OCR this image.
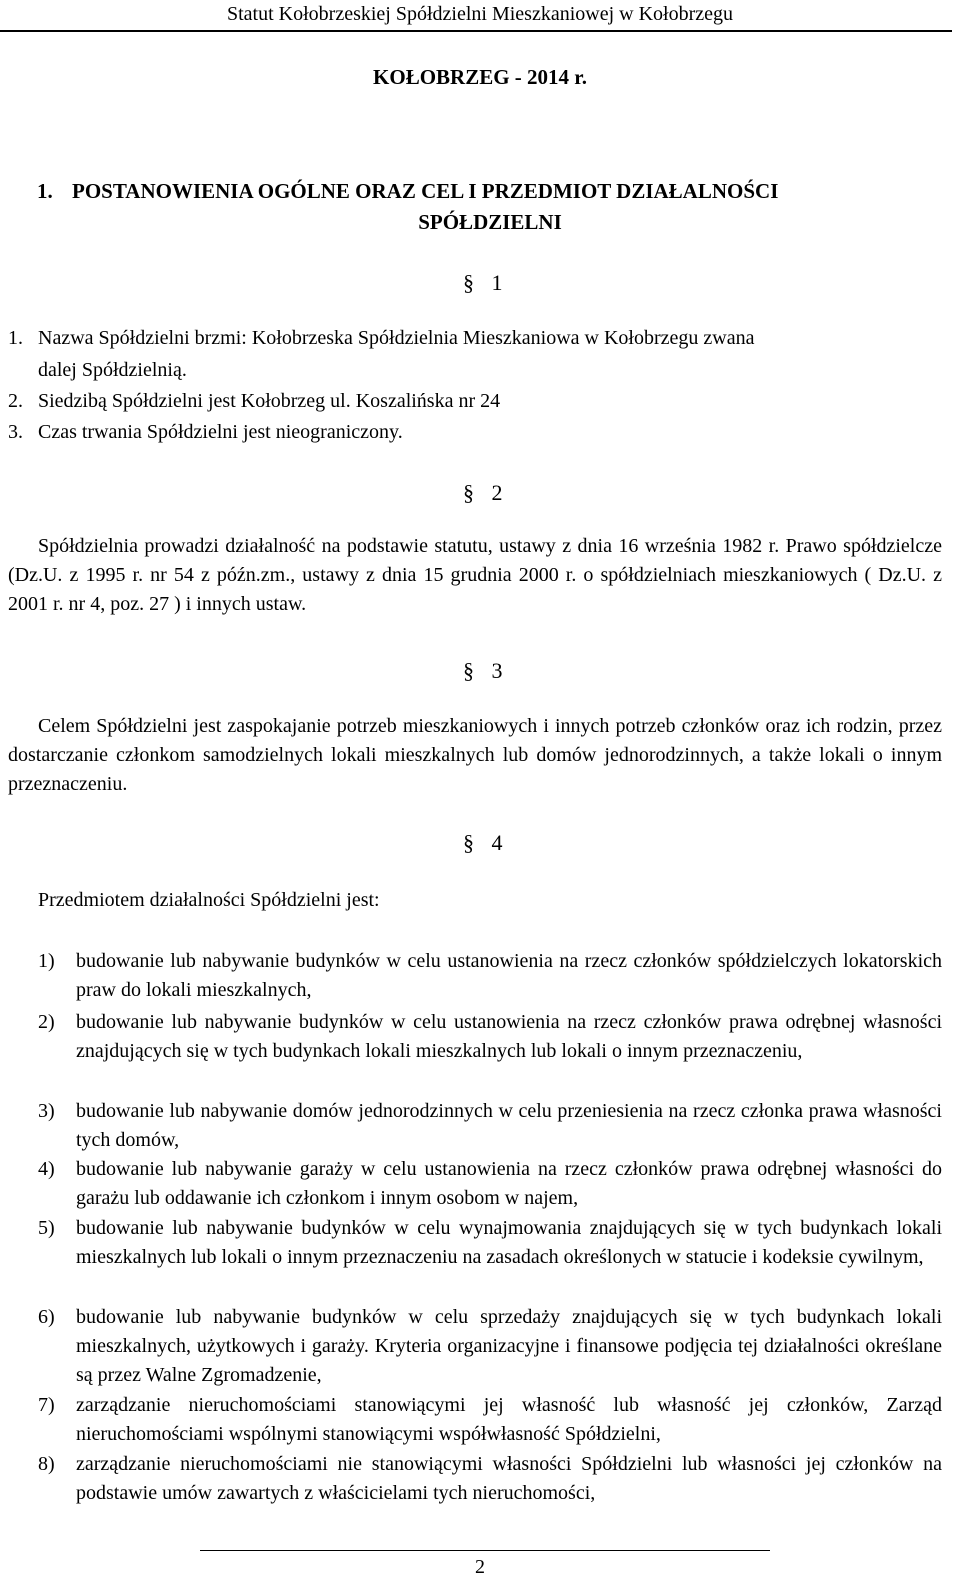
Statut Kołobrzeskiej Spółdzielni Mieszkaniowej w Kołobrzegu
KOŁOBRZEG - 2014 r.
1. POSTANOWIENIA OGÓLNE ORAZ CEL I PRZEDMIOT DZIAŁALNOŚCI
SPÓŁDZIELNI
§ 1
1. Nazwa Spółdzielni brzmi: Kołobrzeska Spółdzielnia Mieszkaniowa w Kołobrzegu zwana
dalej Spółdzielnią.
2. Siedzibą Spółdzielni jest Kołobrzeg ul. Koszalińska nr 24
3. Czas trwania Spółdzielni jest nieograniczony.
§ 2
Spółdzielnia prowadzi działalność na podstawie statutu, ustawy z dnia 16 września 1982 r. Prawo spółdzielcze (Dz.U. z 1995 r. nr 54 z późn.zm., ustawy z dnia 15 grudnia 2000 r. o spółdzielniach mieszkaniowych ( Dz.U. z 2001 r. nr 4, poz. 27 ) i innych ustaw.
§ 3
Celem Spółdzielni jest zaspokajanie potrzeb mieszkaniowych i innych potrzeb członków oraz ich rodzin, przez dostarczanie członkom samodzielnych lokali mieszkalnych lub domów jednorodzinnych, a także lokali o innym przeznaczeniu.
§ 4
Przedmiotem działalności Spółdzielni jest:
1)	budowanie lub nabywanie budynków w celu ustanowienia na rzecz członków spółdzielczych lokatorskich praw do lokali mieszkalnych,
2)	budowanie lub nabywanie budynków w celu ustanowienia na rzecz członków prawa odrębnej własności znajdujących się w tych budynkach lokali mieszkalnych lub lokali o innym przeznaczeniu,
3)	budowanie lub nabywanie domów jednorodzinnych w celu przeniesienia na rzecz członka prawa własności tych domów,
4)	budowanie lub nabywanie garaży w celu ustanowienia na rzecz członków prawa odrębnej własności do garażu lub oddawanie ich członkom i innym osobom w najem,
5)	budowanie lub nabywanie budynków w celu wynajmowania znajdujących się w tych budynkach lokali mieszkalnych lub lokali o innym przeznaczeniu na zasadach określonych w statucie i kodeksie cywilnym,
6)	budowanie lub nabywanie budynków w celu sprzedaży znajdujących się w tych budynkach lokali mieszkalnych, użytkowych i garaży. Kryteria organizacyjne i finansowe podjęcia tej działalności określane są przez Walne Zgromadzenie,
7)	zarządzanie nieruchomościami stanowiącymi jej własność lub własność jej członków, Zarząd nieruchomościami wspólnymi stanowiącymi współwłasność Spółdzielni,
8)	zarządzanie nieruchomościami nie stanowiącymi własności Spółdzielni lub własności jej członków na podstawie umów zawartych z właścicielami tych nieruchomości,
2
